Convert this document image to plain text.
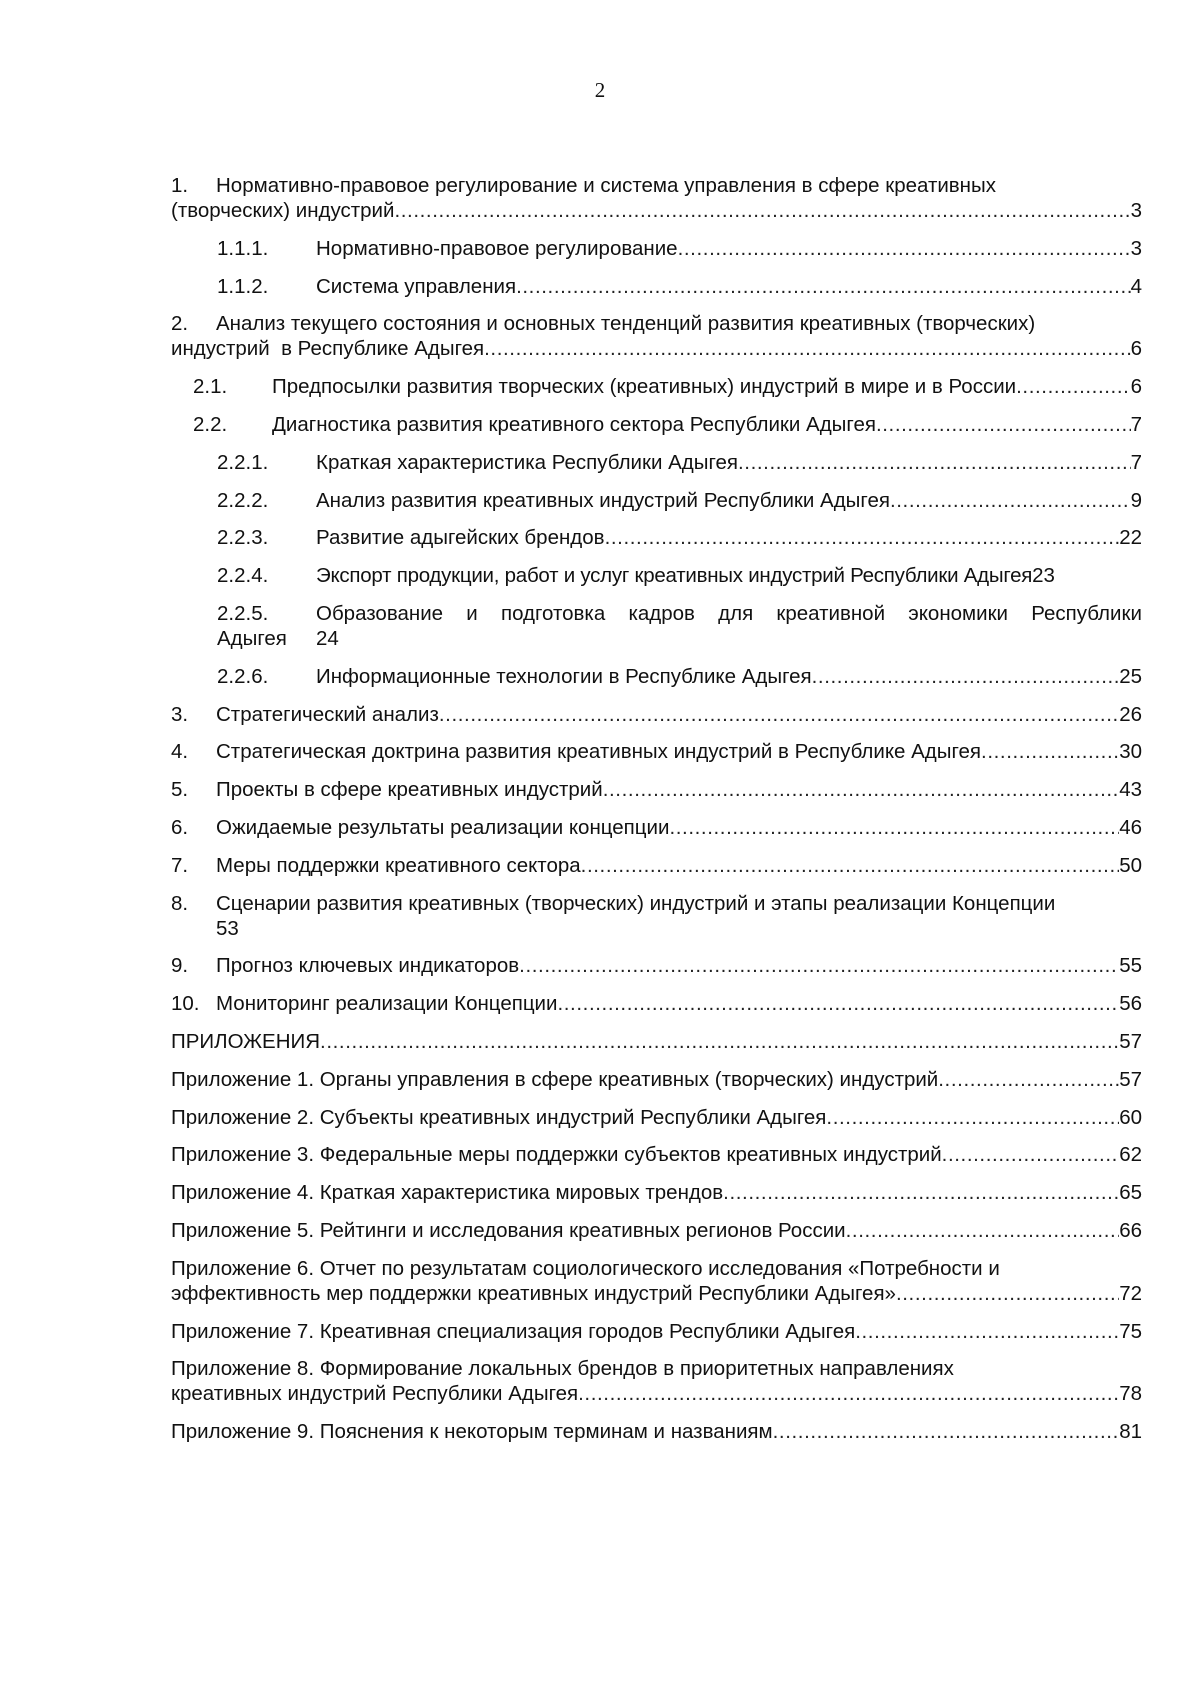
2
1. Нормативно-правовое регулирование и система управления в сфере креативных
(творческих) индустрий .....	3
1.1.1.	Нормативно-правовое регулирование .....	3
1.1.2.	Система управления .....	4
2. Анализ текущего состояния и основных тенденций развития креативных (творческих)
индустрий  в Республике Адыгея .....	6
2.1.	Предпосылки развития творческих (креативных) индустрий в мире и в России .....	6
2.2.	Диагностика развития креативного сектора Республики Адыгея .....	7
2.2.1.	Краткая характеристика Республики Адыгея .....	7
2.2.2.	Анализ развития креативных индустрий Республики Адыгея .....	9
2.2.3.	Развитие адыгейских брендов .....	22
2.2.4.	Экспорт продукции, работ и услуг креативных индустрий Республики Адыгея 23
2.2.5.	Образование и подготовка кадров для креативной экономики Республики
Адыгея 24
2.2.6.	Информационные технологии в Республике Адыгея .....	25
3.	Стратегический анализ .....	26
4.	Стратегическая доктрина развития креативных индустрий в Республике Адыгея .....	30
5.	Проекты в сфере креативных индустрий .....	43
6.	Ожидаемые результаты реализации концепции .....	46
7.	Меры поддержки креативного сектора .....	50
8. Сценарии развития креативных (творческих) индустрий и этапы реализации Концепции
53
9.	Прогноз ключевых индикаторов .....	55
10. Мониторинг реализации Концепции .....	56
ПРИЛОЖЕНИЯ .....	57
Приложение 1. Органы управления в сфере креативных (творческих) индустрий .....	57
Приложение 2. Субъекты креативных индустрий Республики Адыгея .....	60
Приложение 3. Федеральные меры поддержки субъектов креативных индустрий .....	62
Приложение 4. Краткая характеристика мировых трендов .....	65
Приложение 5. Рейтинги и исследования креативных регионов России .....	66
Приложение 6. Отчет по результатам социологического исследования «Потребности и
эффективность мер поддержки креативных индустрий Республики Адыгея» .....	72
Приложение 7. Креативная специализация городов Республики Адыгея .....	75
Приложение 8. Формирование локальных брендов в приоритетных направлениях
креативных индустрий Республики Адыгея .....	78
Приложение 9. Пояснения к некоторым терминам и названиям .....	81
